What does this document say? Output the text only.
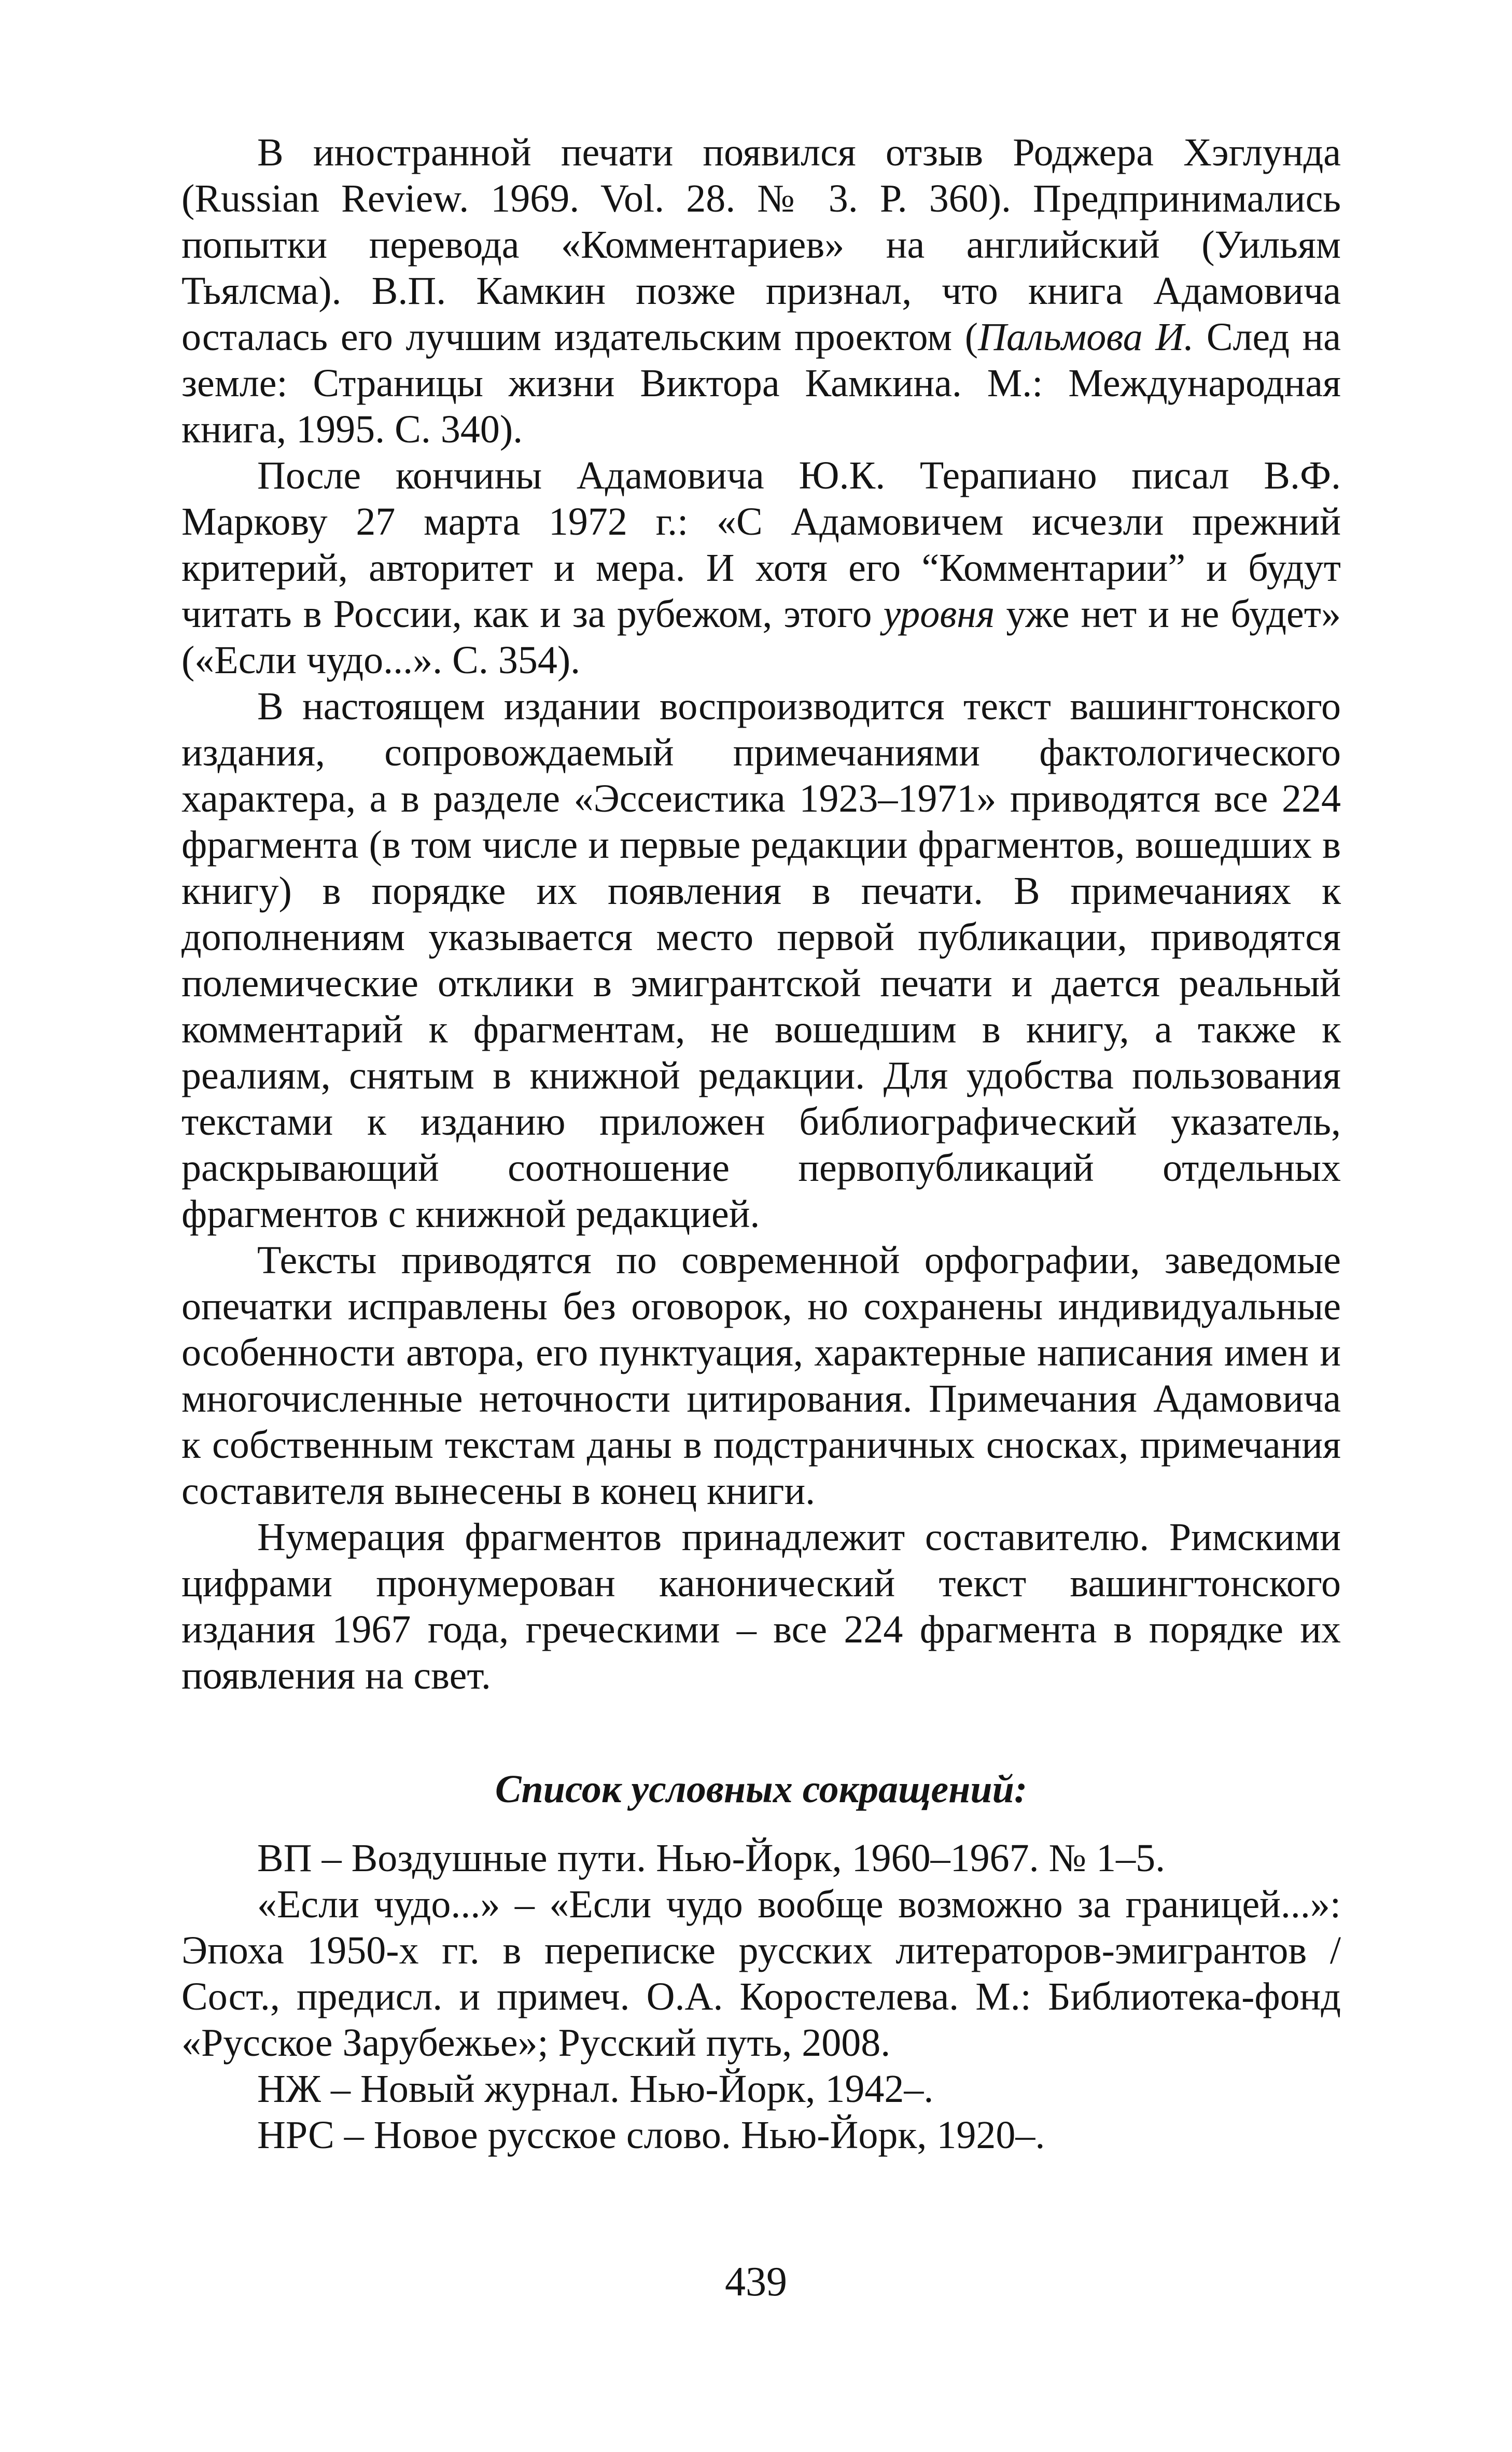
В иностранной печати появился отзыв Роджера Хэглунда (Russian Review. 1969. Vol. 28. № 3. P. 360). Предпринимались попытки перевода «Комментариев» на английский (Уильям Тьялсма). В.П. Камкин позже признал, что книга Адамовича осталась его лучшим издательским проектом (Пальмова И. След на земле: Страницы жизни Виктора Камкина. М.: Международная книга, 1995. С. 340).

После кончины Адамовича Ю.К. Терапиано писал В.Ф. Маркову 27 марта 1972 г.: «С Адамовичем исчезли прежний критерий, авторитет и мера. И хотя его “Комментарии” и будут читать в России, как и за рубежом, этого уровня уже нет и не будет» («Если чудо...». С. 354).

В настоящем издании воспроизводится текст вашингтонского издания, сопровождаемый примечаниями фактологического характера, а в разделе «Эссеистика 1923–1971» приводятся все 224 фрагмента (в том числе и первые редакции фрагментов, вошедших в книгу) в порядке их появления в печати. В примечаниях к дополнениям указывается место первой публикации, приводятся полемические отклики в эмигрантской печати и дается реальный комментарий к фрагментам, не вошедшим в книгу, а также к реалиям, снятым в книжной редакции. Для удобства пользования текстами к изданию приложен библиографический указатель, раскрывающий соотношение первопубликаций отдельных фрагментов с книжной редакцией.

Тексты приводятся по современной орфографии, заведомые опечатки исправлены без оговорок, но сохранены индивидуальные особенности автора, его пунктуация, характерные написания имен и многочисленные неточности цитирования. Примечания Адамовича к собственным текстам даны в подстраничных сносках, примечания составителя вынесены в конец книги.

Нумерация фрагментов принадлежит составителю. Римскими цифрами пронумерован канонический текст вашингтонского издания 1967 года, греческими – все 224 фрагмента в порядке их появления на свет.

Список условных сокращений:

ВП – Воздушные пути. Нью-Йорк, 1960–1967. № 1–5.

«Если чудо...» – «Если чудо вообще возможно за границей...»: Эпоха 1950-х гг. в переписке русских литераторов-эмигрантов / Сост., предисл. и примеч. О.А. Коростелева. М.: Библиотека-фонд «Русское Зарубежье»; Русский путь, 2008.

НЖ – Новый журнал. Нью-Йорк, 1942–.

НРС – Новое русское слово. Нью-Йорк, 1920–.

439
